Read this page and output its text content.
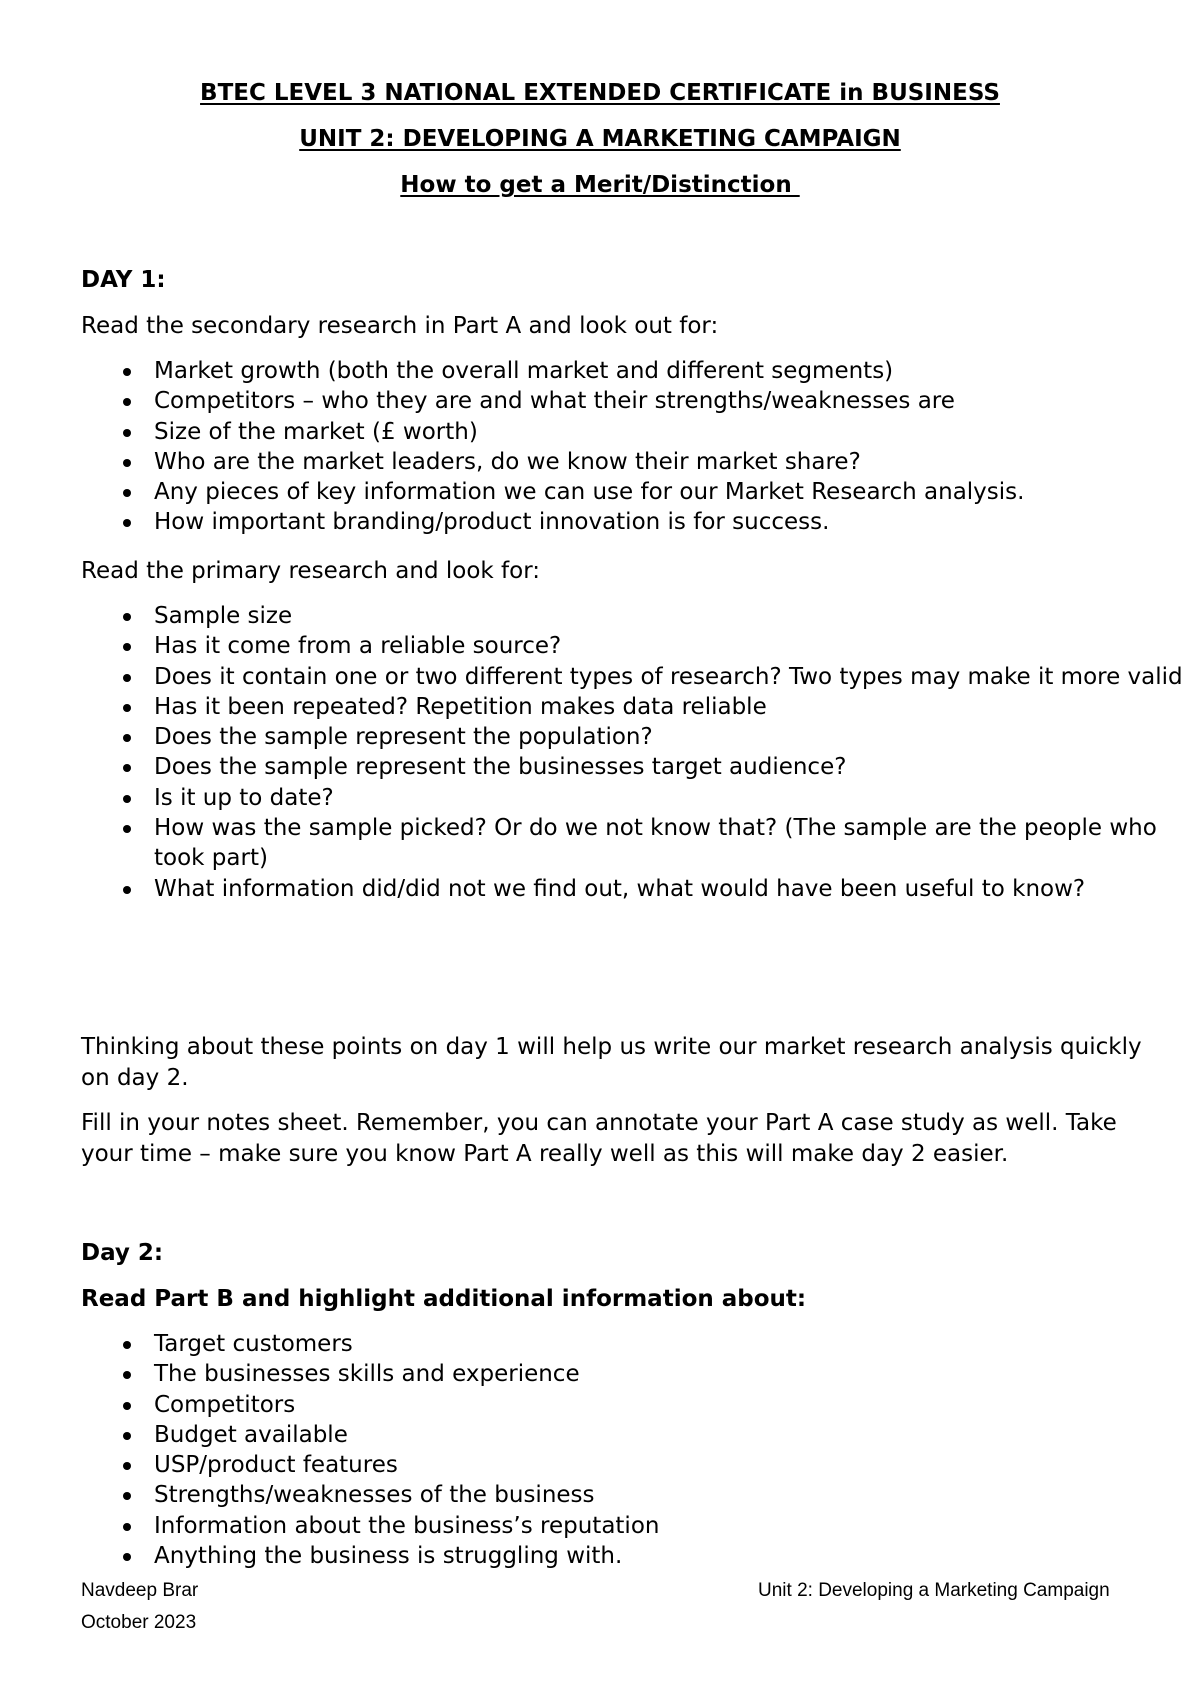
BTEC LEVEL 3 NATIONAL EXTENDED CERTIFICATE in BUSINESS
UNIT 2: DEVELOPING A MARKETING CAMPAIGN
How to get a Merit/Distinction
DAY 1:
Read the secondary research in Part A and look out for:
Market growth (both the overall market and different segments)
Competitors – who they are and what their strengths/weaknesses are
Size of the market (£ worth)
Who are the market leaders, do we know their market share?
Any pieces of key information we can use for our Market Research analysis.
How important branding/product innovation is for success.
Read the primary research and look for:
Sample size
Has it come from a reliable source?
Does it contain one or two different types of research? Two types may make it more valid
Has it been repeated? Repetition makes data reliable
Does the sample represent the population?
Does the sample represent the businesses target audience?
Is it up to date?
How was the sample picked? Or do we not know that? (The sample are the people who took part)
What information did/did not we find out, what would have been useful to know?
Thinking about these points on day 1 will help us write our market research analysis quickly on day 2.
Fill in your notes sheet. Remember, you can annotate your Part A case study as well. Take your time – make sure you know Part A really well as this will make day 2 easier.
Day 2:
Read Part B and highlight additional information about:
Target customers
The businesses skills and experience
Competitors
Budget available
USP/product features
Strengths/weaknesses of the business
Information about the business’s reputation
Anything the business is struggling with.
Navdeep Brar
October 2023
Unit 2: Developing a Marketing Campaign
